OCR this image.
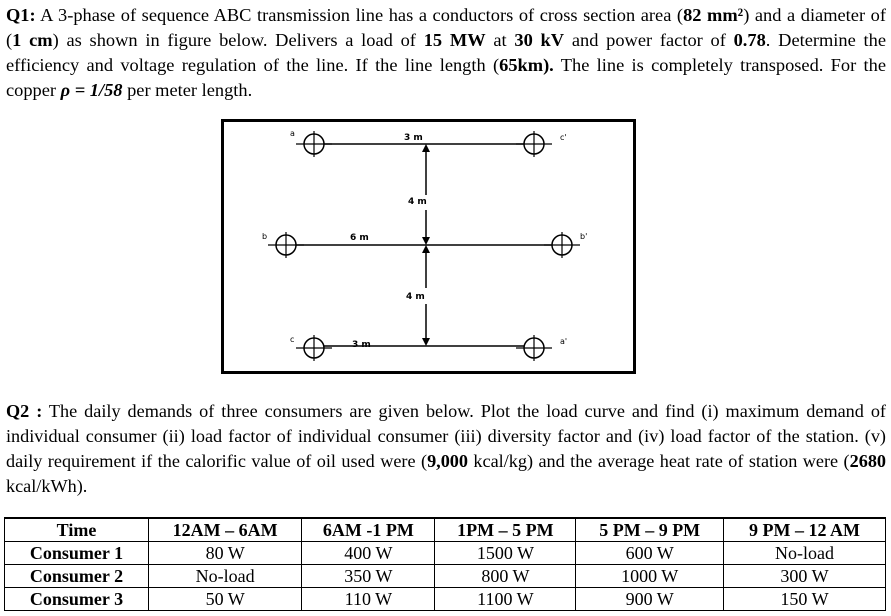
Q1: A 3-phase of sequence ABC transmission line has a conductors of cross section area (82 mm²) and a diameter of (1 cm) as shown in figure below. Delivers a load of 15 MW at 30 kV and power factor of 0.78. Determine the efficiency and voltage regulation of the line. If the line length (65km). The line is completely transposed. For the copper ρ = 1/58 per meter length.
a	c'
b	b'
c	a'
3 m
4 m
6 m
4 m
3 m
Q2 : The daily demands of three consumers are given below. Plot the load curve and find (i) maximum demand of individual consumer (ii) load factor of individual consumer (iii) diversity factor and (iv) load factor of the station. (v) daily requirement if the calorific value of oil used were (9,000 kcal/kg) and the average heat rate of station were (2680 kcal/kWh).
Time	12AM – 6AM	6AM -1 PM	1PM – 5 PM	5 PM – 9 PM	9 PM – 12 AM
Consumer 1	80 W	400 W	1500 W	600 W	No-load
Consumer 2	No-load	350 W	800 W	1000 W	300 W
Consumer 3	50 W	110 W	1100 W	900 W	150 W
